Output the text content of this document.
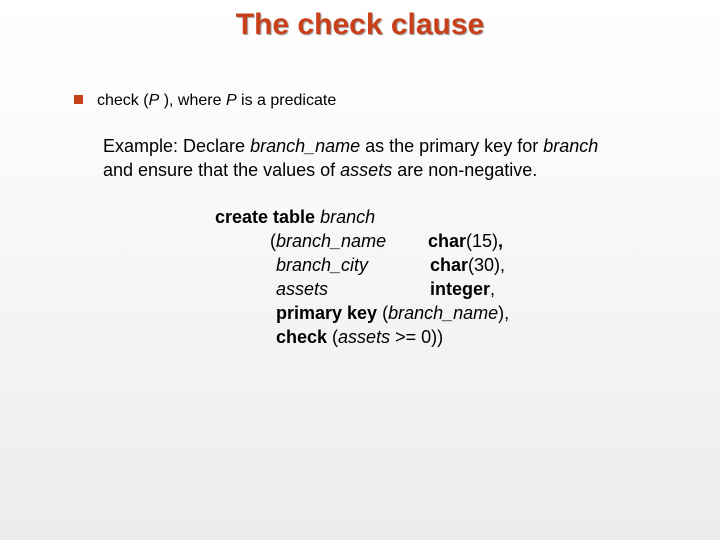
The check clause
check (P ), where P is a predicate
Example: Declare branch_name as the primary key for branch and ensure that the values of assets are non-negative.
create table branch
(branch_name char(15),
branch_city	char(30),
assets	integer,
primary key (branch_name),
check (assets >= 0))
